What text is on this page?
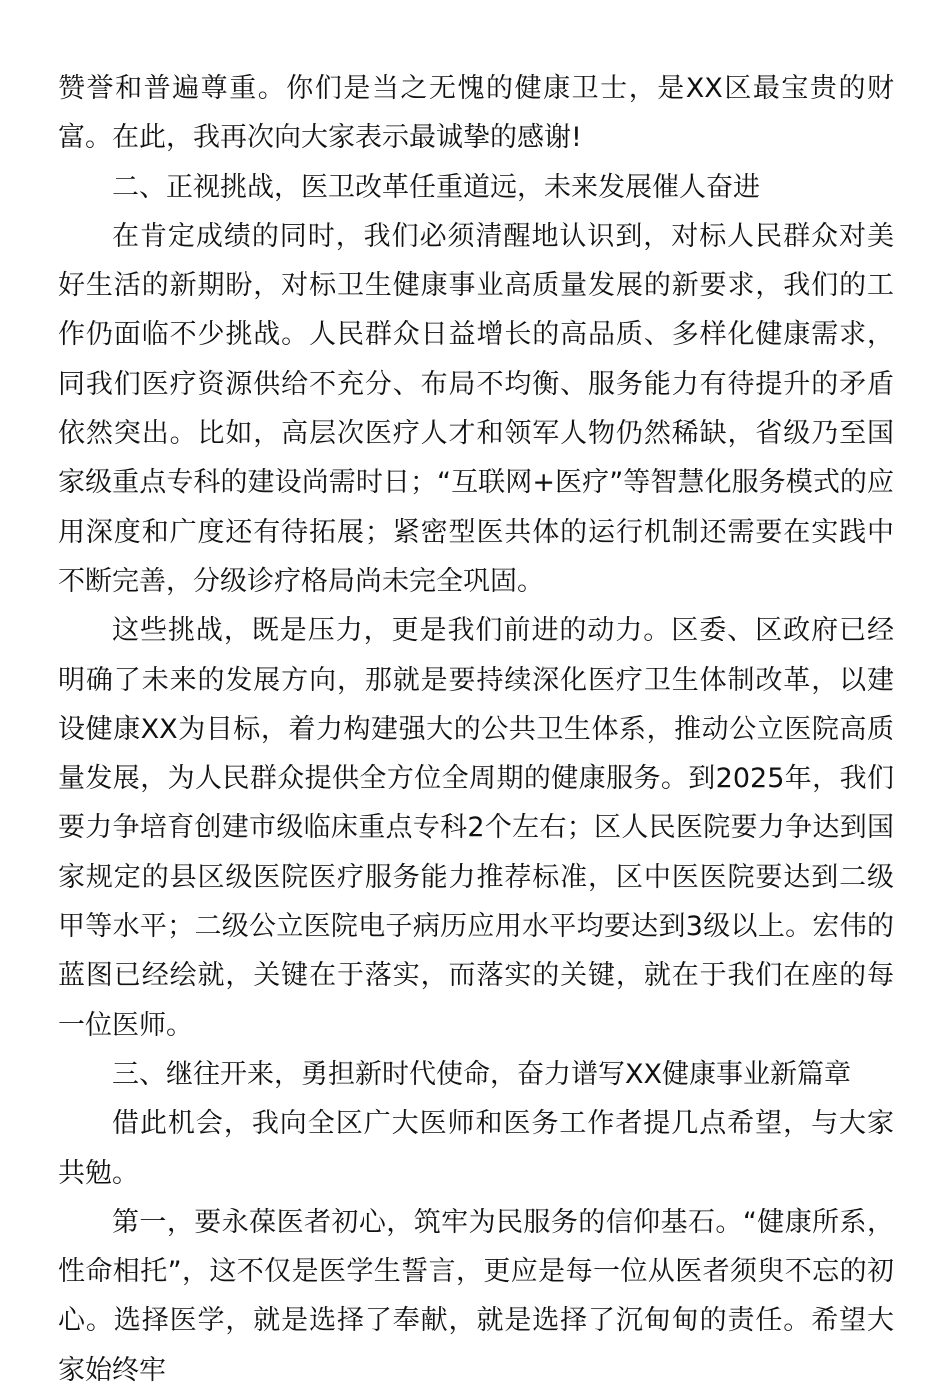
赞誉和普遍尊重。你们是当之无愧的健康卫士，是XX区最宝贵的财富。在此，我再次向大家表示最诚挚的感谢!

二、正视挑战，医卫改革任重道远，未来发展催人奋进

在肯定成绩的同时，我们必须清醒地认识到，对标人民群众对美好生活的新期盼，对标卫生健康事业高质量发展的新要求，我们的工作仍面临不少挑战。人民群众日益增长的高品质、多样化健康需求，同我们医疗资源供给不充分、布局不均衡、服务能力有待提升的矛盾依然突出。比如，高层次医疗人才和领军人物仍然稀缺，省级乃至国家级重点专科的建设尚需时日；“互联网+医疗”等智慧化服务模式的应用深度和广度还有待拓展；紧密型医共体的运行机制还需要在实践中不断完善，分级诊疗格局尚未完全巩固。

这些挑战，既是压力，更是我们前进的动力。区委、区政府已经明确了未来的发展方向，那就是要持续深化医疗卫生体制改革，以建设健康XX为目标，着力构建强大的公共卫生体系，推动公立医院高质量发展，为人民群众提供全方位全周期的健康服务。到2025年，我们要力争培育创建市级临床重点专科2个左右；区人民医院要力争达到国家规定的县区级医院医疗服务能力推荐标准，区中医医院要达到二级甲等水平；二级公立医院电子病历应用水平均要达到3级以上。宏伟的蓝图已经绘就，关键在于落实，而落实的关键，就在于我们在座的每一位医师。

三、继往开来，勇担新时代使命，奋力谱写XX健康事业新篇章

借此机会，我向全区广大医师和医务工作者提几点希望，与大家共勉。

第一，要永葆医者初心，筑牢为民服务的信仰基石。“健康所系，性命相托”，这不仅是医学生誓言，更应是每一位从医者须臾不忘的初心。选择医学，就是选择了奉献，就是选择了沉甸甸的责任。希望大家始终牢
